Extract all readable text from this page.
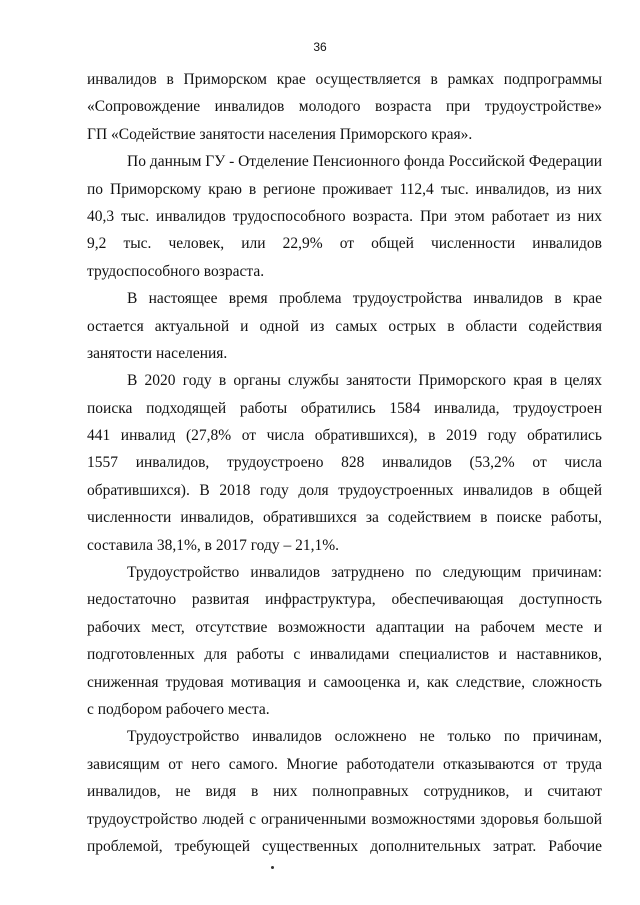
36
инвалидов в Приморском крае осуществляется в рамках подпрограммы
«Сопровождение инвалидов молодого возраста при трудоустройстве»
ГП «Содействие занятости населения Приморского края».
По данным ГУ - Отделение Пенсионного фонда Российской Федерации
по Приморскому краю в регионе проживает 112,4 тыс. инвалидов, из них
40,3 тыс. инвалидов трудоспособного возраста. При этом работает из них
9,2 тыс. человек, или 22,9% от общей численности инвалидов
трудоспособного возраста.
В настоящее время проблема трудоустройства инвалидов в крае
остается актуальной и одной из самых острых в области содействия
занятости населения.
В 2020 году в органы службы занятости Приморского края в целях
поиска подходящей работы обратились 1584 инвалида, трудоустроен
441 инвалид (27,8% от числа обратившихся), в 2019 году обратились
1557 инвалидов, трудоустроено 828 инвалидов (53,2% от числа
обратившихся). В 2018 году доля трудоустроенных инвалидов в общей
численности инвалидов, обратившихся за содействием в поиске работы,
составила 38,1%, в 2017 году – 21,1%.
Трудоустройство инвалидов затруднено по следующим причинам:
недостаточно развитая инфраструктура, обеспечивающая доступность
рабочих мест, отсутствие возможности адаптации на рабочем месте и
подготовленных для работы с инвалидами специалистов и наставников,
сниженная трудовая мотивация и самооценка и, как следствие, сложность
с подбором рабочего места.
Трудоустройство инвалидов осложнено не только по причинам,
зависящим от него самого. Многие работодатели отказываются от труда
инвалидов, не видя в них полноправных сотрудников, и считают
трудоустройство людей с ограниченными возможностями здоровья большой
проблемой, требующей существенных дополнительных затрат. Рабочие
